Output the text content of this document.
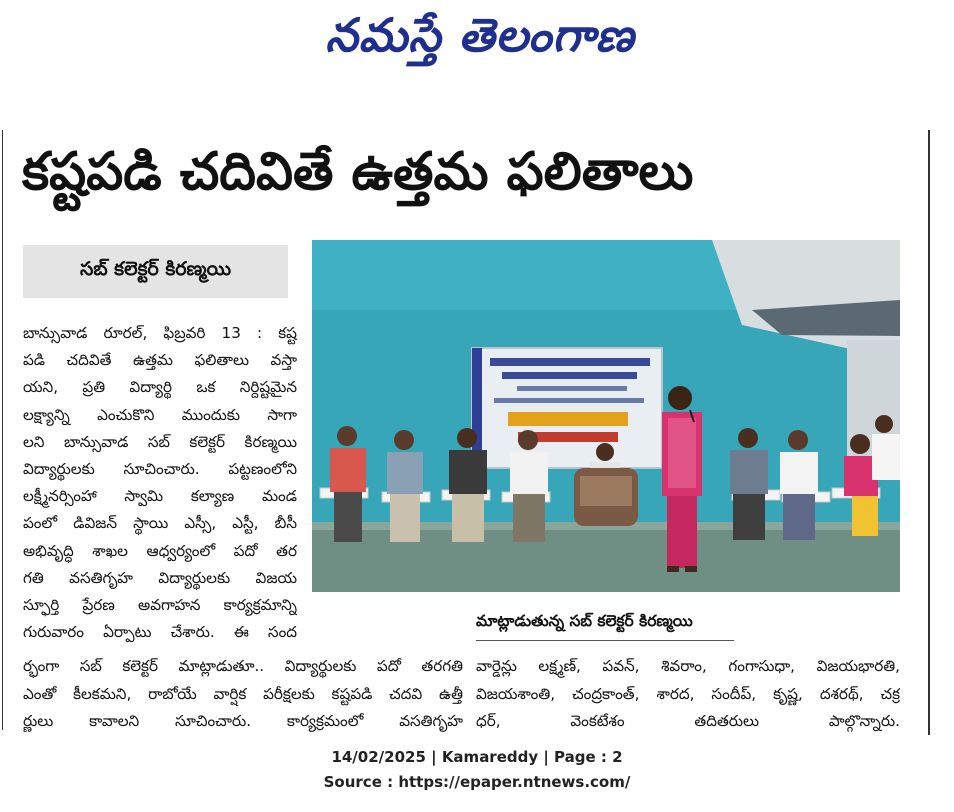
నమస్తే తెలంగాణ
కష్టపడి చదివితే ఉత్తమ ఫలితాలు
సబ్ కలెక్టర్ కిరణ్మయి
బాన్సువాడ రూరల్, ఫిబ్రవరి 13 : కష్ట
పడి చదివితే ఉత్తమ ఫలితాలు వస్తా
యని, ప్రతి విద్యార్థి ఒక నిర్దిష్టమైన
లక్ష్యాన్ని ఎంచుకొని ముందుకు సాగా
లని బాన్సువాడ సబ్ కలెక్టర్ కిరణ్మయి
విద్యార్థులకు సూచించారు. పట్టణంలోని
లక్ష్మీనర్సింహా స్వామి కల్యాణ మండ
పంలో డివిజన్ స్థాయి ఎస్సీ, ఎస్టీ, బీసీ
అభివృద్ధి శాఖల ఆధ్వర్యంలో పదో తర
గతి వసతిగృహ విద్యార్థులకు విజయ
స్ఫూర్తి ప్రేరణ అవగాహన కార్యక్రమాన్ని
గురువారం ఏర్పాటు చేశారు. ఈ సంద
ర్భంగా సబ్ కలెక్టర్ మాట్లాడుతూ.. విద్యార్థులకు పదో తరగతి
ఎంతో కీలకమని, రాబోయే వార్షిక పరీక్షలకు కష్టపడి చదవి ఉత్తీ
ర్ణులు కావాలని సూచించారు. కార్యక్రమంలో వసతిగృహ
వార్డెన్లు లక్ష్మణ్, పవన్, శివరాం, గంగాసుధా, విజయభారతి,
విజయశాంతి, చంద్రకాంత్, శారద, సందీప్, కృష్ణ, దశరథ్, చక్ర
ధర్, వెంకటేశం తదితరులు పాల్గొన్నారు.
మాట్లాడుతున్న సబ్ కలెక్టర్ కిరణ్మయి
14/02/2025 | Kamareddy | Page : 2
Source : https://epaper.ntnews.com/
